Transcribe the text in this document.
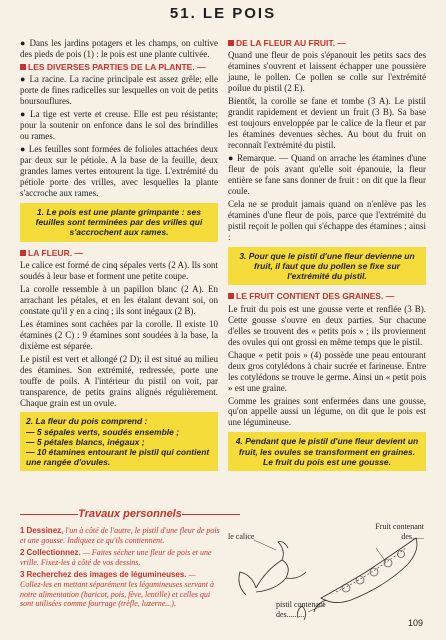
51. LE POIS

● Dans les jardins potagers et les champs, on cultive des pieds de pois (1) : le pois est une plante cultivée.

LES DIVERSES PARTIES DE LA PLANTE. —

● La racine. La racine principale est assez grêle; elle porte de fines radicelles sur lesquelles on voit de petits boursouflures.

● La tige est verte et creuse. Elle est peu résistante; pour la soutenir on enfonce dans le sol des brindilles ou rames.

● Les feuilles sont formées de folioles attachées deux par deux sur le pétiole. A la base de la feuille, deux grandes lames vertes entourent la tige. L'extrémité du pétiole porte des vrilles, avec lesquelles la plante s'accroche aux rames.

1. Le pois est une plante grimpante : ses feuilles sont terminées par des vrilles qui s'accrochent aux rames.

LA FLEUR. —

Le calice est formé de cinq sépales verts (2 A). Ils sont soudés à leur base et forment une petite coupe.

La corolle ressemble à un papillon blanc (2 A). En arrachant les pétales, et en les étalant devant soi, on constate qu'il y en a cinq ; ils sont inégaux (2 B).

Les étamines sont cachées par la corolle. Il existe 10 étamines (2 C) : 9 étamines sont soudées à la base, la dixième est séparée.

Le pistil est vert et allongé (2 D); il est situé au milieu des étamines. Son extrémité, redressée, porte une touffe de poils. A l'intérieur du pistil on voit, par transparence, de petits grains alignés régulièrement. Chaque grain est un ovule.

2. La fleur du pois comprend :
— 5 sépales verts, soudés ensemble ;
— 5 pétales blancs, inégaux ;
— 10 étamines entourant le pistil qui contient une rangée d'ovules.

DE LA FLEUR AU FRUIT. —

Quand une fleur de pois s'épanouit les petits sacs des étamines s'ouvrent et laissent échapper une poussière jaune, le pollen. Ce pollen se colle sur l'extrémité poilue du pistil (2 E).

Bientôt, la corolle se fane et tombe (3 A). Le pistil grandit rapidement et devient un fruit (3 B). Sa base est toujours enveloppée par le calice de la fleur et par les étamines devenues sèches. Au bout du fruit on reconnaît l'extrémité du pistil.

● Remarque. — Quand on arrache les étamines d'une fleur de pois avant qu'elle soit épanouie, la fleur entière se fane sans donner de fruit : on dit que la fleur coule.

Cela ne se produit jamais quand on n'enlève pas les étamines d'une fleur de pois, parce que l'extrémité du pistil reçoit le pollen qui s'échappe des étamines ; ainsi :

3. Pour que le pistil d'une fleur devienne un fruit, il faut que du pollen se fixe sur l'extrémité du pistil.

LE FRUIT CONTIENT DES GRAINES. —

Le fruit du pois est une gousse verte et renflée (3 B). Cette gousse s'ouvre en deux parties. Sur chacune d'elles se trouvent des « petits pois » ; ils proviennent des ovules qui ont grossi en même temps que le pistil.

Chaque « petit pois » (4) possède une peau entourant deux gros cotylédons à chair sucrée et farineuse. Entre les cotylédons se trouve le germe. Ainsi un « petit pois » est une graine.

Comme les graines sont enfermées dans une gousse, qu'on appelle aussi un légume, on dit que le pois est une légumineuse.

4. Pendant que le pistil d'une fleur devient un fruit, les ovules se transforment en graines.
Le fruit du pois est une gousse.
Travaux personnels

1 Dessinez, l'un à côté de l'autre, le pistil d'une fleur de pois et une gousse. Indiquez ce qu'ils contiennent.

2 Collectionnez. — Faites sécher une fleur de pois et une vrille. Fixez-les à côté de vos dessins.

3 Recherchez des images de légumineuses. — Collez-les en mettant séparément les légumineuses servant à notre alimentation (haricot, pois, fève, lentille) et celles qui sont utilisées comme fourrage (trèfle, luzerne...).

le calice
Fruit contenant des......
pistil contenant des.........
109
